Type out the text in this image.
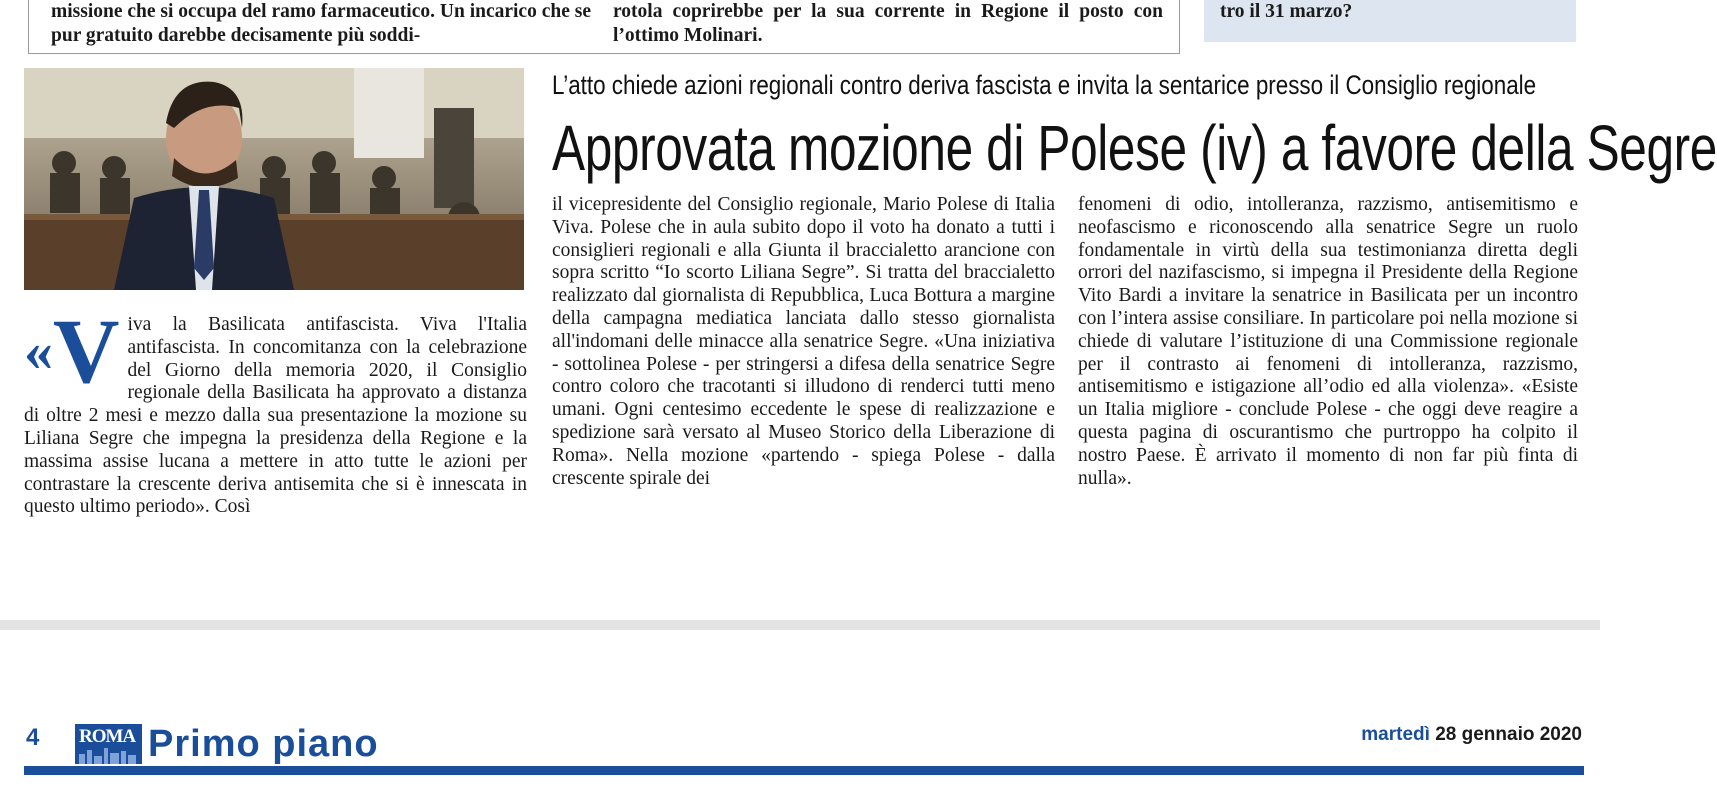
missione che si occupa del ramo farmaceutico. Un incarico che se pur gratuito darebbe decisamente più soddi-
rotola coprirebbe per la sua corrente in Regione il posto con l’ottimo Molinari.
tro il 31 marzo?
L’atto chiede azioni regionali contro deriva fascista e invita la sentarice presso il Consiglio regionale
Approvata mozione di Polese (iv) a favore della Segre
«V iva la Basilicata antifascista. Viva l'Italia antifascista. In concomitanza con la celebrazione del Giorno della memoria 2020, il Consiglio regionale della Basilicata ha approvato a distanza di oltre 2 mesi e mezzo dalla sua presentazione la mozione su Liliana Segre che impegna la presidenza della Regione e la massima assise lucana a mettere in atto tutte le azioni per contrastare la crescente deriva antisemita che si è innescata in questo ultimo periodo». Così

il vicepresidente del Consiglio regionale, Mario Polese di Italia Viva. Polese che in aula subito dopo il voto ha donato a tutti i consiglieri regionali e alla Giunta il braccialetto arancione con sopra scritto “Io scorto Liliana Segre”. Si tratta del braccialetto realizzato dal giornalista di Repubblica, Luca Bottura a margine della campagna mediatica lanciata dallo stesso giornalista all'indomani delle minacce alla senatrice Segre. «Una iniziativa - sottolinea Polese - per stringersi a difesa della senatrice Segre contro coloro che tracotanti si illudono di renderci tutti meno umani. Ogni centesimo eccedente le spese di realizzazione e spedizione sarà versato al Museo Storico della Liberazione di Roma». Nella mozione «partendo - spiega Polese - dalla crescente spirale dei

fenomeni di odio, intolleranza, razzismo, antisemitismo e neofascismo e riconoscendo alla senatrice Segre un ruolo fondamentale in virtù della sua testimonianza diretta degli orrori del nazifascismo, si impegna il Presidente della Regione Vito Bardi a invitare la senatrice in Basilicata per un incontro con l’intera assise consiliare. In particolare poi nella mozione si chiede di valutare l’istituzione di una Commissione regionale per il contrasto ai fenomeni di intolleranza, razzismo, antisemitismo e istigazione all’odio ed alla violenza». «Esiste un Italia migliore - conclude Polese - che oggi deve reagire a questa pagina di oscurantismo che purtroppo ha colpito il nostro Paese. È arrivato il momento di non far più finta di nulla».

4 ROMA Primo piano	martedì 28 gennaio 2020
